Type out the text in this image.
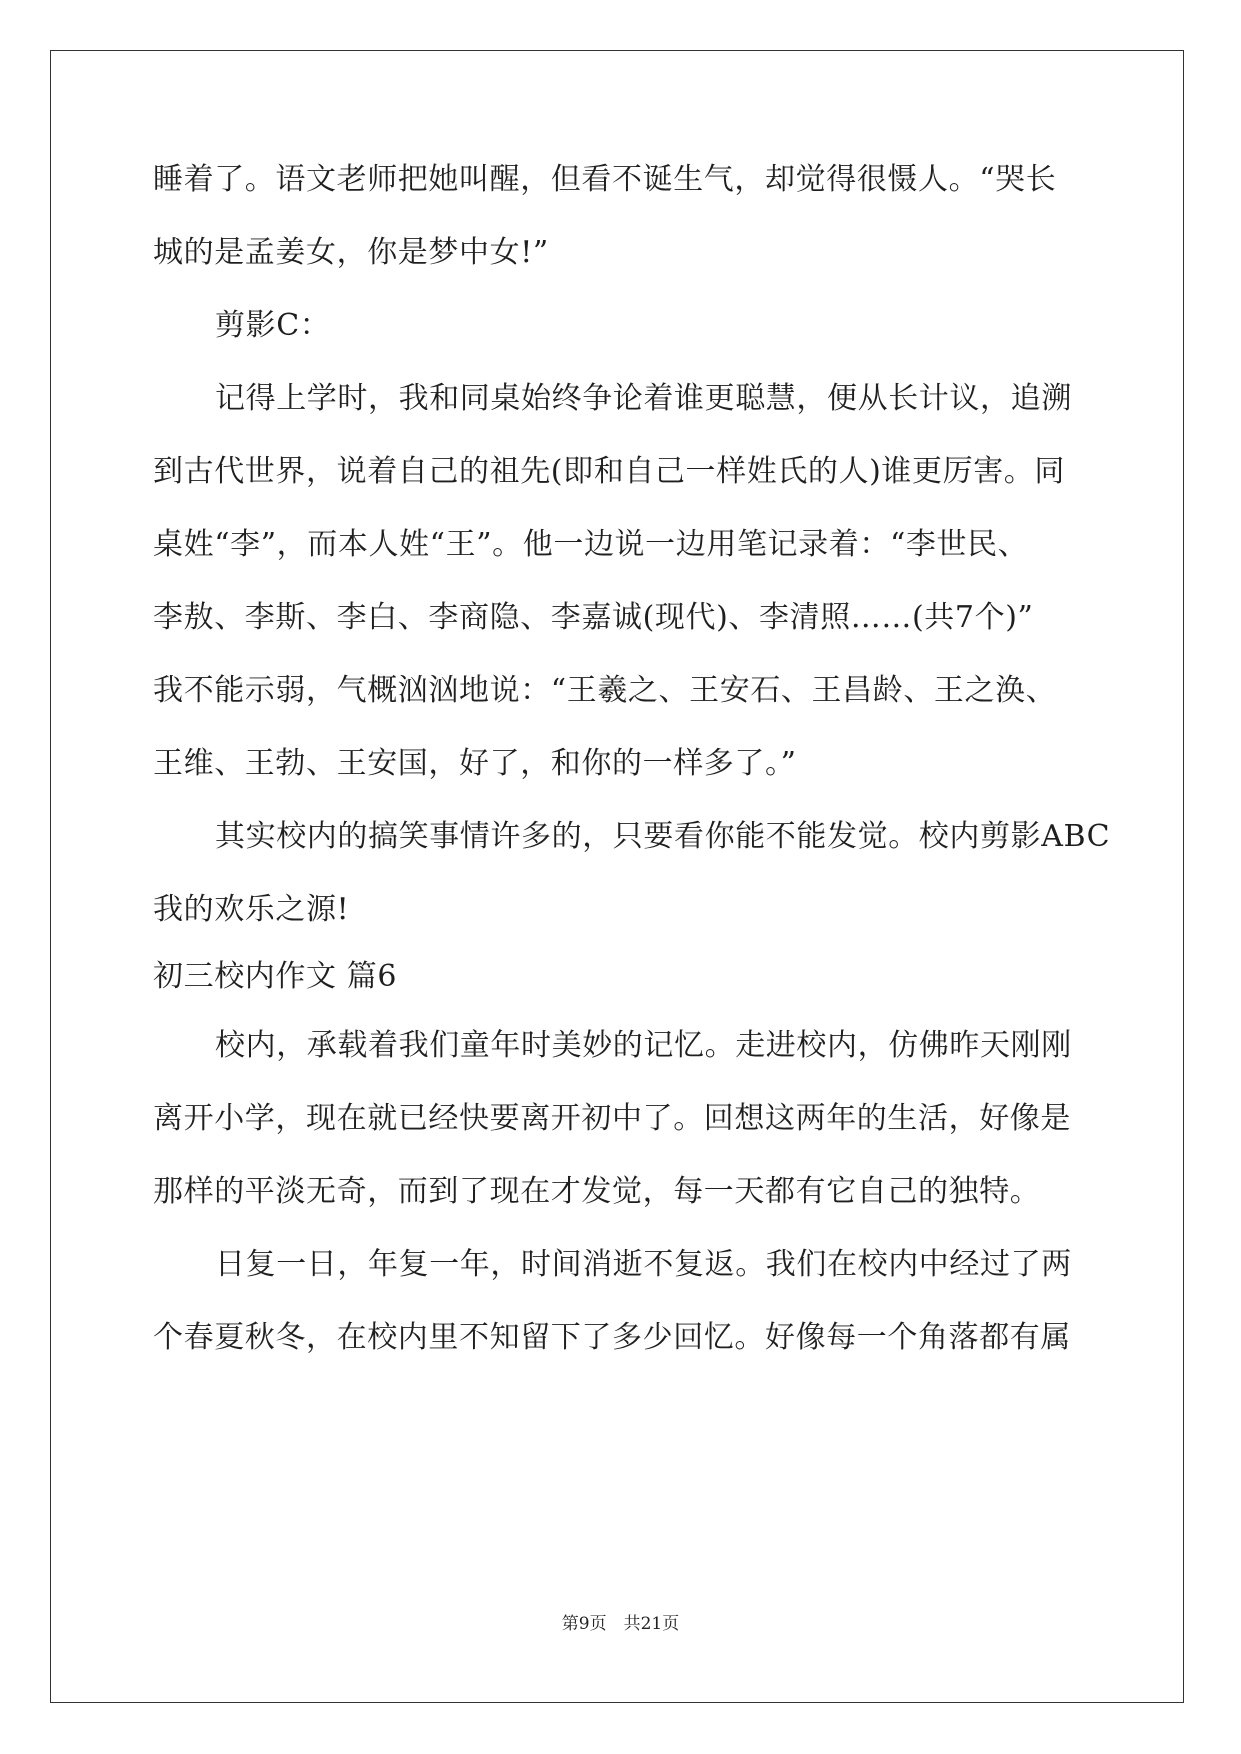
睡着了。语文老师把她叫醒，但看不诞生气，却觉得很慑人。“哭长
城的是孟姜女，你是梦中女!”
剪影C：
记得上学时，我和同桌始终争论着谁更聪慧，便从长计议，追溯
到古代世界，说着自己的祖先(即和自己一样姓氏的人)谁更厉害。同
桌姓“李”，而本人姓“王”。他一边说一边用笔记录着：“李世民、
李敖、李斯、李白、李商隐、李嘉诚(现代)、李清照……(共7个)”
我不能示弱，气概汹汹地说：“王羲之、王安石、王昌龄、王之涣、
王维、王勃、王安国，好了，和你的一样多了。”
其实校内的搞笑事情许多的，只要看你能不能发觉。校内剪影ABC
我的欢乐之源!
初三校内作文 篇6
校内，承载着我们童年时美妙的记忆。走进校内，仿佛昨天刚刚
离开小学，现在就已经快要离开初中了。回想这两年的生活，好像是
那样的平淡无奇，而到了现在才发觉，每一天都有它自己的独特。
日复一日，年复一年，时间消逝不复返。我们在校内中经过了两
个春夏秋冬，在校内里不知留下了多少回忆。好像每一个角落都有属
第9页　共21页
